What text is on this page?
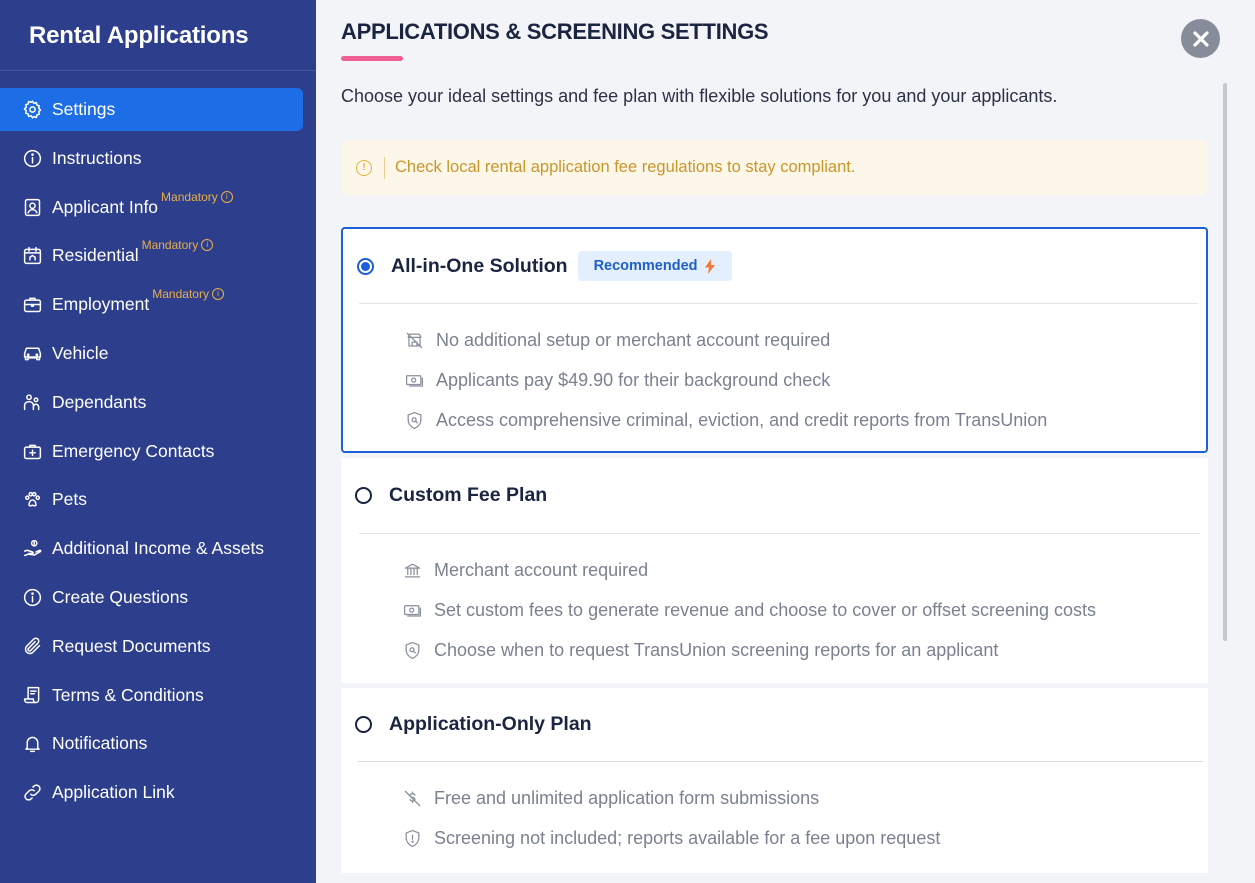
Rental Applications
Settings
Instructions
Applicant Info Mandatory	i
Residential Mandatory	i
Employment Mandatory	i
Vehicle
Dependants
Emergency Contacts
Pets
Additional Income & Assets
Create Questions
Request Documents
Terms & Conditions
Notifications
Application Link
APPLICATIONS & SCREENING SETTINGS
Choose your ideal settings and fee plan with flexible solutions for you and your applicants.
!	Check local rental application fee regulations to stay compliant.
All-in-One Solution Recommended
No additional setup or merchant account required
Applicants pay $49.90 for their background check
Access comprehensive criminal, eviction, and credit reports from TransUnion
Custom Fee Plan
Merchant account required
Set custom fees to generate revenue and choose to cover or offset screening costs
Choose when to request TransUnion screening reports for an applicant
Application-Only Plan
Free and unlimited application form submissions
Screening not included; reports available for a fee upon request
